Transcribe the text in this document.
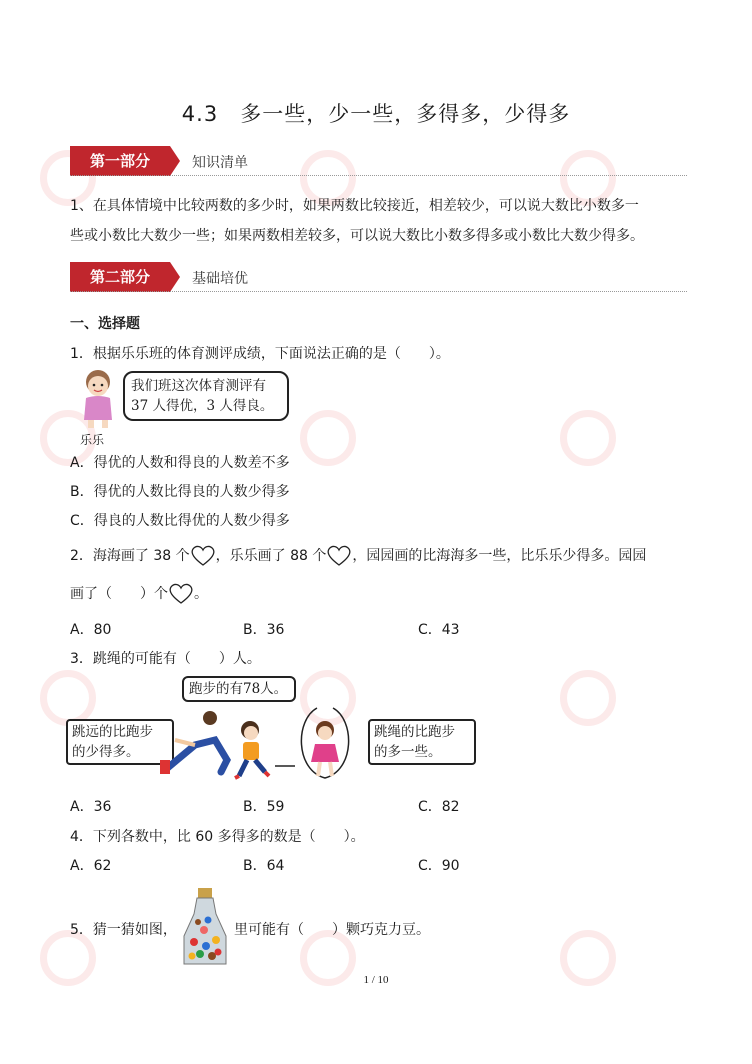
4.3　多一些，少一些，多得多，少得多
第一部分	知识清单
1、在具体情境中比较两数的多少时，如果两数比较接近，相差较少，可以说大数比小数多一
些或小数比大数少一些；如果两数相差较多，可以说大数比小数多得多或小数比大数少得多。
第二部分	基础培优
一、选择题
1．根据乐乐班的体育测评成绩，下面说法正确的是（　　）。
乐乐
我们班这次体育测评有
37 人得优，3 人得良。
A．得优的人数和得良的人数差不多
B．得优的人数比得良的人数少得多
C．得良的人数比得优的人数少得多
2．海海画了 38 个 ，乐乐画了 88 个 ，园园画的比海海多一些，比乐乐少得多。园园
画了（　　）个 。
A．80	B．36	C．43
3．跳绳的可能有（　　）人。
跑步的有78人。
跳远的比跑步
的少得多。
跳绳的比跑步
的多一些。
A．36	B．59	C．82
4．下列各数中，比 60 多得多的数是（　　）。
A．62	B．64	C．90
5．猜一猜如图，	里可能有（　　）颗巧克力豆。
1 / 10
